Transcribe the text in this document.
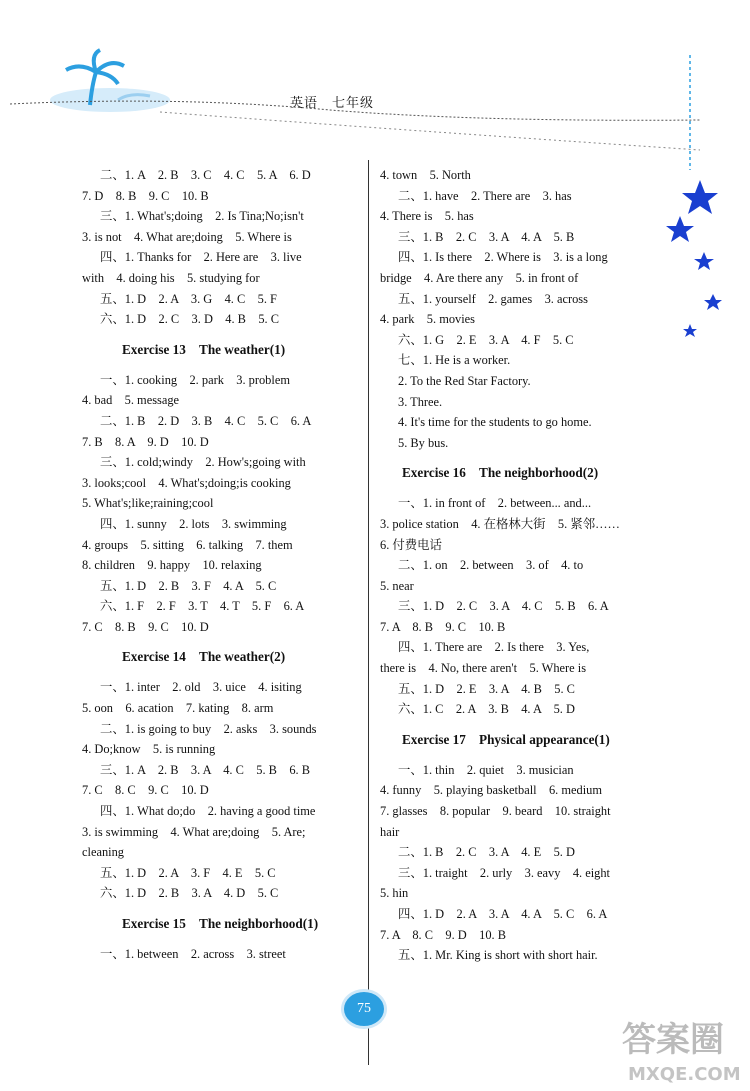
英语　七年级
二、1. A　2. B　3. C　4. C　5. A　6. D
7. D　8. B　9. C　10. B
三、1. What's;doing　2. Is Tina;No;isn't
3. is not　4. What are;doing　5. Where is
四、1. Thanks for　2. Here are　3. live
with　4. doing his　5. studying for
五、1. D　2. A　3. G　4. C　5. F
六、1. D　2. C　3. D　4. B　5. C
Exercise 13　The weather(1)
一、1. cooking　2. park　3. problem
4. bad　5. message
二、1. B　2. D　3. B　4. C　5. C　6. A
7. B　8. A　9. D　10. D
三、1. cold;windy　2. How's;going with
3. looks;cool　4. What's;doing;is cooking
5. What's;like;raining;cool
四、1. sunny　2. lots　3. swimming
4. groups　5. sitting　6. talking　7. them
8. children　9. happy　10. relaxing
五、1. D　2. B　3. F　4. A　5. C
六、1. F　2. F　3. T　4. T　5. F　6. A
7. C　8. B　9. C　10. D
Exercise 14　The weather(2)
一、1. inter　2. old　3. uice　4. isiting
5. oon　6. acation　7. kating　8. arm
二、1. is going to buy　2. asks　3. sounds
4. Do;know　5. is running
三、1. A　2. B　3. A　4. C　5. B　6. B
7. C　8. C　9. C　10. D
四、1. What do;do　2. having a good time
3. is swimming　4. What are;doing　5. Are;
cleaning
五、1. D　2. A　3. F　4. E　5. C
六、1. D　2. B　3. A　4. D　5. C
Exercise 15　The neighborhood(1)
一、1. between　2. across　3. street
4. town　5. North
二、1. have　2. There are　3. has
4. There is　5. has
三、1. B　2. C　3. A　4. A　5. B
四、1. Is there　2. Where is　3. is a long
bridge　4. Are there any　5. in front of
五、1. yourself　2. games　3. across
4. park　5. movies
六、1. G　2. E　3. A　4. F　5. C
七、1. He is a worker.
2. To the Red Star Factory.
3. Three.
4. It's time for the students to go home.
5. By bus.
Exercise 16　The neighborhood(2)
一、1. in front of　2. between... and...
3. police station　4. 在格林大街　5. 紧邻……
6. 付费电话
二、1. on　2. between　3. of　4. to
5. near
三、1. D　2. C　3. A　4. C　5. B　6. A
7. A　8. B　9. C　10. B
四、1. There are　2. Is there　3. Yes,
there is　4. No, there aren't　5. Where is
五、1. D　2. E　3. A　4. B　5. C
六、1. C　2. A　3. B　4. A　5. D
Exercise 17　Physical appearance(1)
一、1. thin　2. quiet　3. musician
4. funny　5. playing basketball　6. medium
7. glasses　8. popular　9. beard　10. straight
hair
二、1. B　2. C　3. A　4. E　5. D
三、1. traight　2. urly　3. eavy　4. eight
5. hin
四、1. D　2. A　3. A　4. A　5. C　6. A
7. A　8. C　9. D　10. B
五、1. Mr. King is short with short hair.
75
答案圈
MXQE.COM
